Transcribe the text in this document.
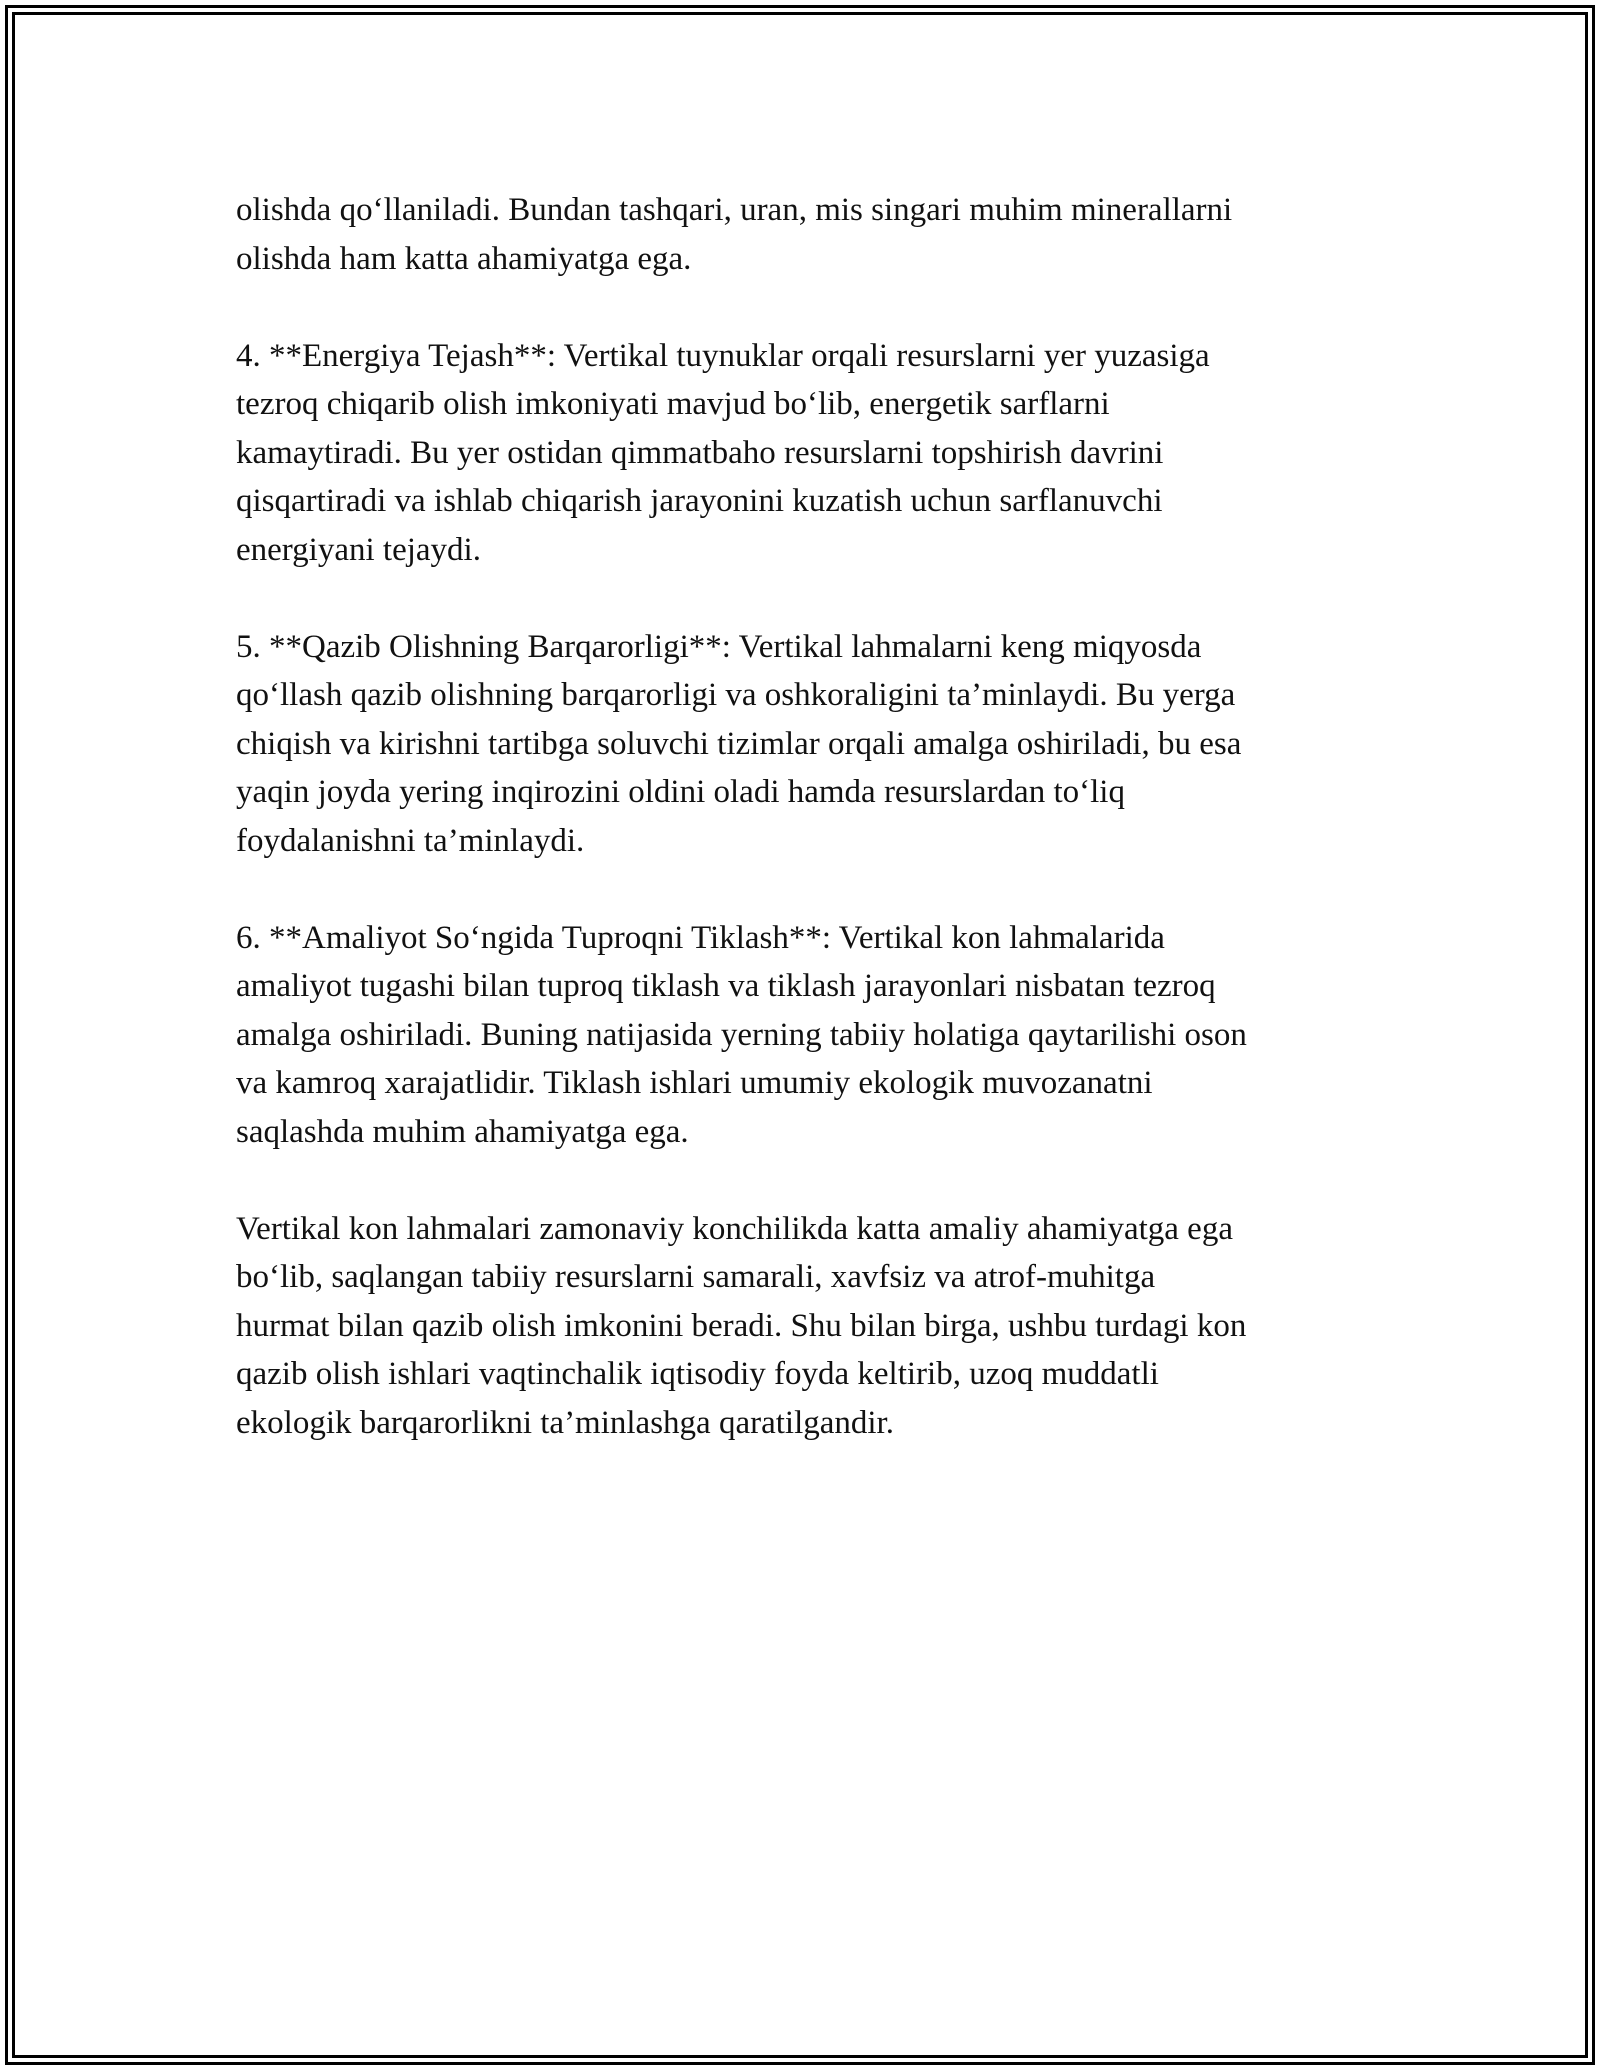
olishda qo‘llaniladi. Bundan tashqari, uran, mis singari muhim minerallarni
olishda ham katta ahamiyatga ega.

4. **Energiya Tejash**: Vertikal tuynuklar orqali resurslarni yer yuzasiga
tezroq chiqarib olish imkoniyati mavjud bo‘lib, energetik sarflarni
kamaytiradi. Bu yer ostidan qimmatbaho resurslarni topshirish davrini
qisqartiradi va ishlab chiqarish jarayonini kuzatish uchun sarflanuvchi
energiyani tejaydi.

5. **Qazib Olishning Barqarorligi**: Vertikal lahmalarni keng miqyosda
qo‘llash qazib olishning barqarorligi va oshkoraligini ta’minlaydi. Bu yerga
chiqish va kirishni tartibga soluvchi tizimlar orqali amalga oshiriladi, bu esa
yaqin joyda yering inqirozini oldini oladi hamda resurslardan to‘liq
foydalanishni ta’minlaydi.

6. **Amaliyot So‘ngida Tuproqni Tiklash**: Vertikal kon lahmalarida
amaliyot tugashi bilan tuproq tiklash va tiklash jarayonlari nisbatan tezroq
amalga oshiriladi. Buning natijasida yerning tabiiy holatiga qaytarilishi oson
va kamroq xarajatlidir. Tiklash ishlari umumiy ekologik muvozanatni
saqlashda muhim ahamiyatga ega.

Vertikal kon lahmalari zamonaviy konchilikda katta amaliy ahamiyatga ega
bo‘lib, saqlangan tabiiy resurslarni samarali, xavfsiz va atrof-muhitga
hurmat bilan qazib olish imkonini beradi. Shu bilan birga, ushbu turdagi kon
qazib olish ishlari vaqtinchalik iqtisodiy foyda keltirib, uzoq muddatli
ekologik barqarorlikni ta’minlashga qaratilgandir.
